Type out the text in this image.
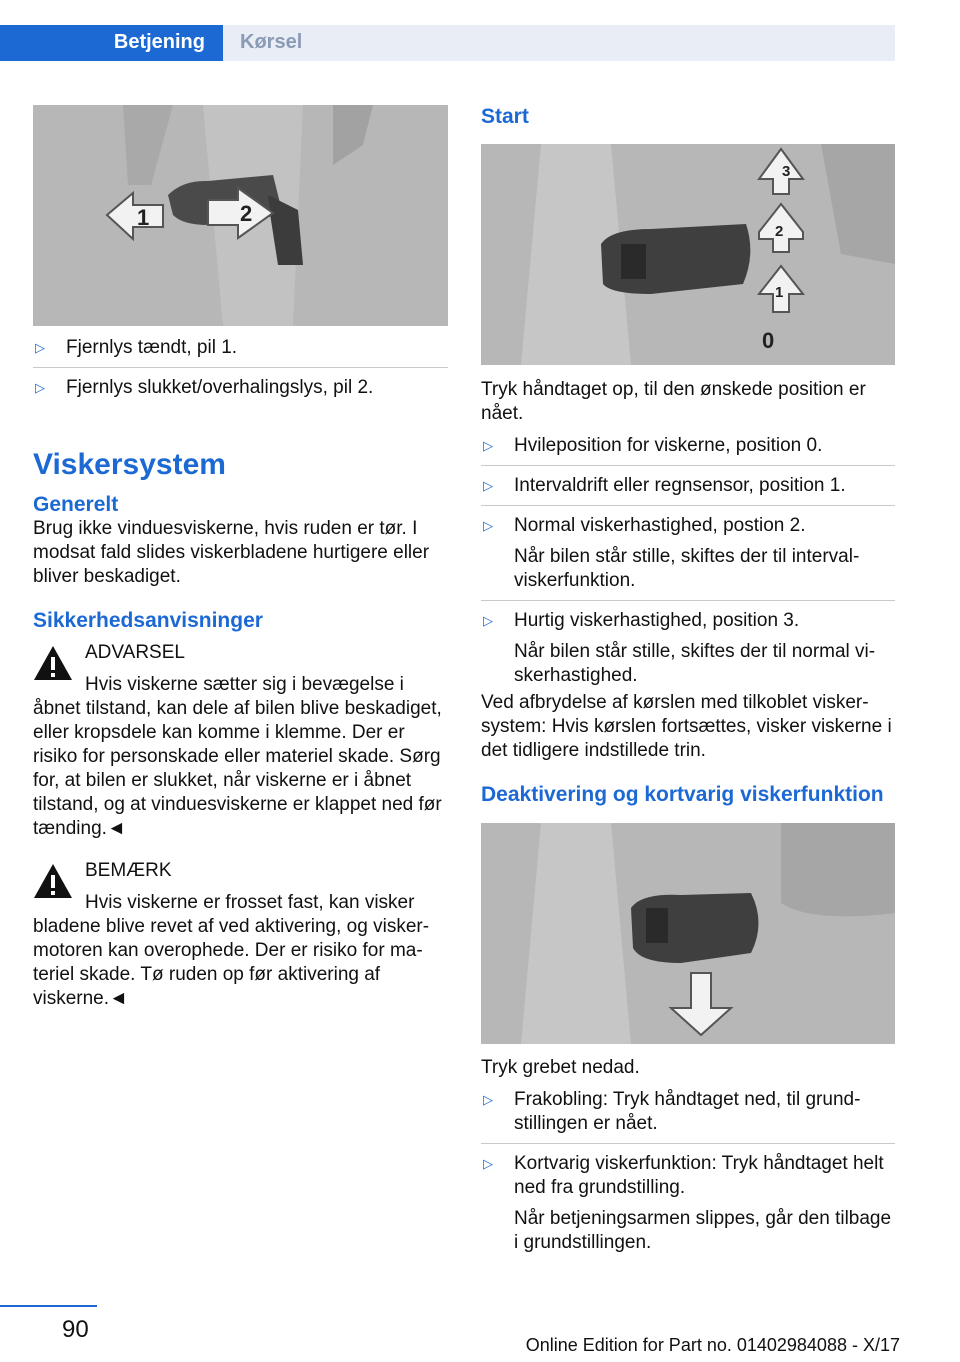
Betjening	Kørsel
1	2
▷ Fjernlys tændt, pil 1.
▷ Fjernlys slukket/overhalingslys, pil 2.
Viskersystem
Generelt

Brug ikke vinduesviskerne, hvis ruden er tør. I modsat fald slides viskerbladene hurtigere eller bliver beskadiget.

Sikkerhedsanvisninger
ADVARSEL
Hvis viskerne sætter sig i bevægelse i
åbnet tilstand, kan dele af bilen blive beskadiget, eller kropsdele kan komme i klemme. Der er risiko for personskade eller materiel skade. Sørg for, at bilen er slukket, når viskerne er i åbnet tilstand, og at vinduesviskerne er klappet ned før tænding.◄
BEMÆRK
Hvis viskerne er frosset fast, kan visker
bladene blive revet af ved aktivering, og viskermotoren kan overophede. Der er risiko for materiel skade. Tø ruden op før aktivering af viskerne.◄
Start
3
2
1
0

Tryk håndtaget op, til den ønskede position er nået.

▷ Hvileposition for viskerne, position 0.
▷ Intervaldrift eller regnsensor, position 1.
▷ Normal viskerhastighed, postion 2.
Når bilen står stille, skiftes der til intervalviskerfunktion.
▷ Hurtig viskerhastighed, position 3.
Når bilen står stille, skiftes der til normal viskerhastighed.

Ved afbrydelse af kørslen med tilkoblet viskersystem: Hvis kørslen fortsættes, visker viskerne i det tidligere indstillede trin.

Deaktivering og kortvarig viskerfunktion

Tryk grebet nedad.

▷ Frakobling: Tryk håndtaget ned, til grundstillingen er nået.
▷ Kortvarig viskerfunktion: Tryk håndtaget helt ned fra grundstilling.
Når betjeningsarmen slippes, går den tilbage i grundstillingen.
90
Online Edition for Part no. 01402984088 - X/17
